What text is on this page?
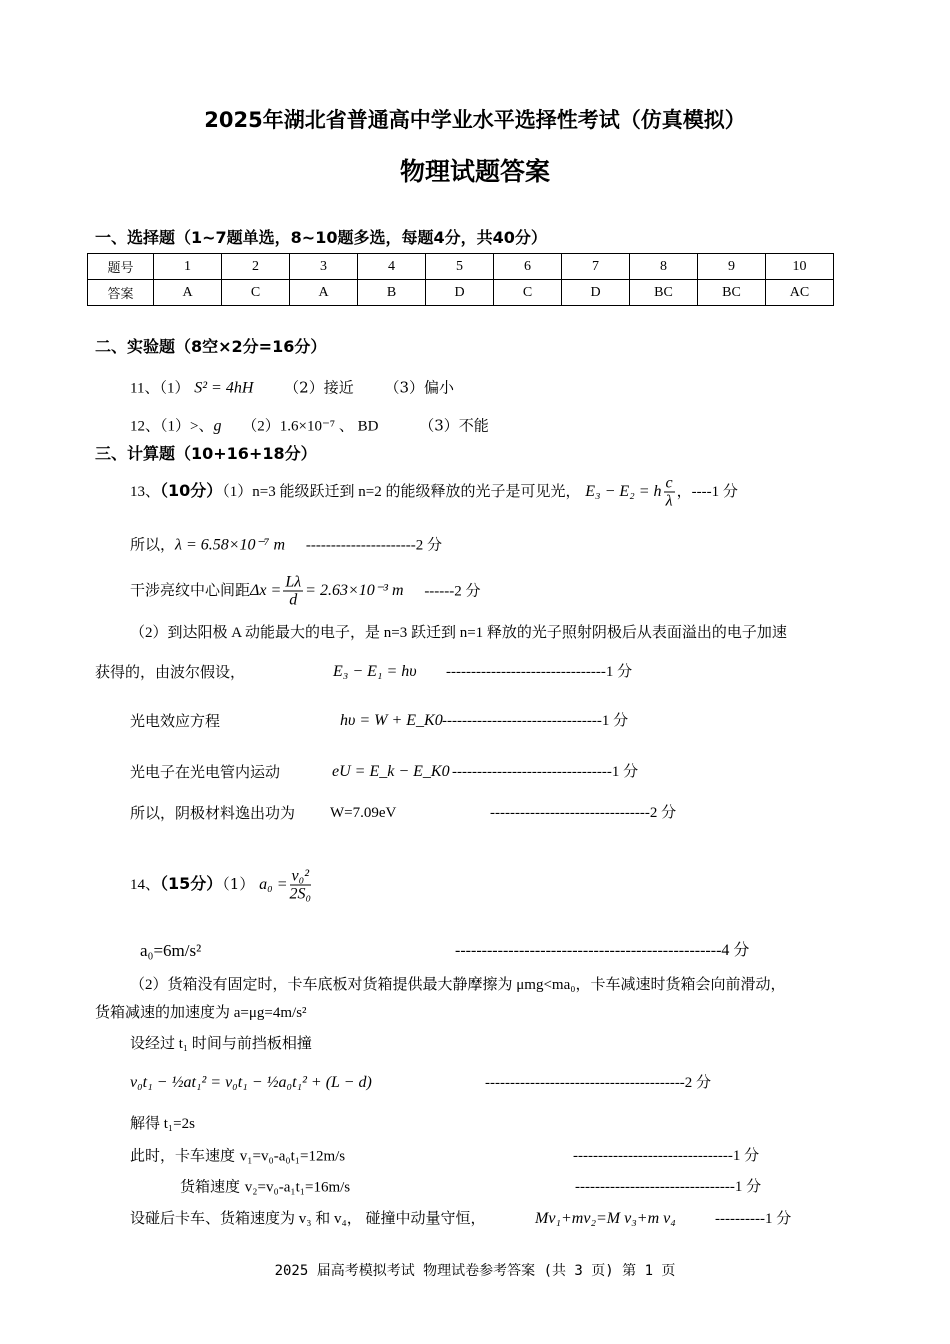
2025年湖北省普通高中学业水平选择性考试（仿真模拟）
物理试题答案
一、选择题（1~7题单选，8~10题多选，每题4分，共40分）
题号	1	2	3	4	5	6	7	8	9	10
答案	A	C	A	B	D	C	D	BC	BC	AC
二、实验题（8空×2分=16分）
11、（1） S² = 4hH （2）接近 （3）偏小
12、（1）>、g （2）1.6×10⁻⁷ 、 BD	（3）不能
三、计算题（10+16+18分）
13、（10分）（1）n=3 能级跃迁到 n=2 的能级释放的光子是可见光， E₃ − E₂ = h $\frac{c}{\lambda}$ ，----1 分
所以，λ = 6.58×10⁻⁷ m ----------------------2 分
干涉亮纹中心间距$\Delta x = \frac{L\lambda}{d} = 2.63\times 10^{-3}$ m ------2 分
（2）到达阳极 A 动能最大的电子，是 n=3 跃迁到 n=1 释放的光子照射阴极后从表面溢出的电子加速
获得的，由波尔假设，	E₃ − E₁ = hυ --------------------------------1 分
光电效应方程	hυ = W + E_K0 --------------------------------1 分
光电子在光电管内运动	eU = E_k − E_K0 --------------------------------1 分
所以，阴极材料逸出功为 W=7.09eV	--------------------------------2 分
14、（15分）（1） $a_0 = \frac{\text{v₀²}}{\text{2S₀}}$
a₀=6m/s²	--------------------------------------------------4 分
（2）货箱没有固定时，卡车底板对货箱提供最大静摩擦为 μmg<ma₀，卡车减速时货箱会向前滑动，
货箱减速的加速度为 a=μg=4m/s²
设经过 t₁ 时间与前挡板相撞
v₀t₁ − ½at₁² = v₀t₁ − ½a₀t₁² + (L − d)	----------------------------------------2 分
解得 t₁=2s
此时，卡车速度 v₁=v₀-a₀t₁=12m/s	--------------------------------1 分
货箱速度 v₂=v₀-a₁t₁=16m/s	--------------------------------1 分
设碰后卡车、货箱速度为 v₃ 和 v₄， 碰撞中动量守恒，	Mv₁+mv₂=M v₃+m v₄	----------1 分
2025 届高考模拟考试 物理试卷参考答案 (共 3 页) 第 1 页
